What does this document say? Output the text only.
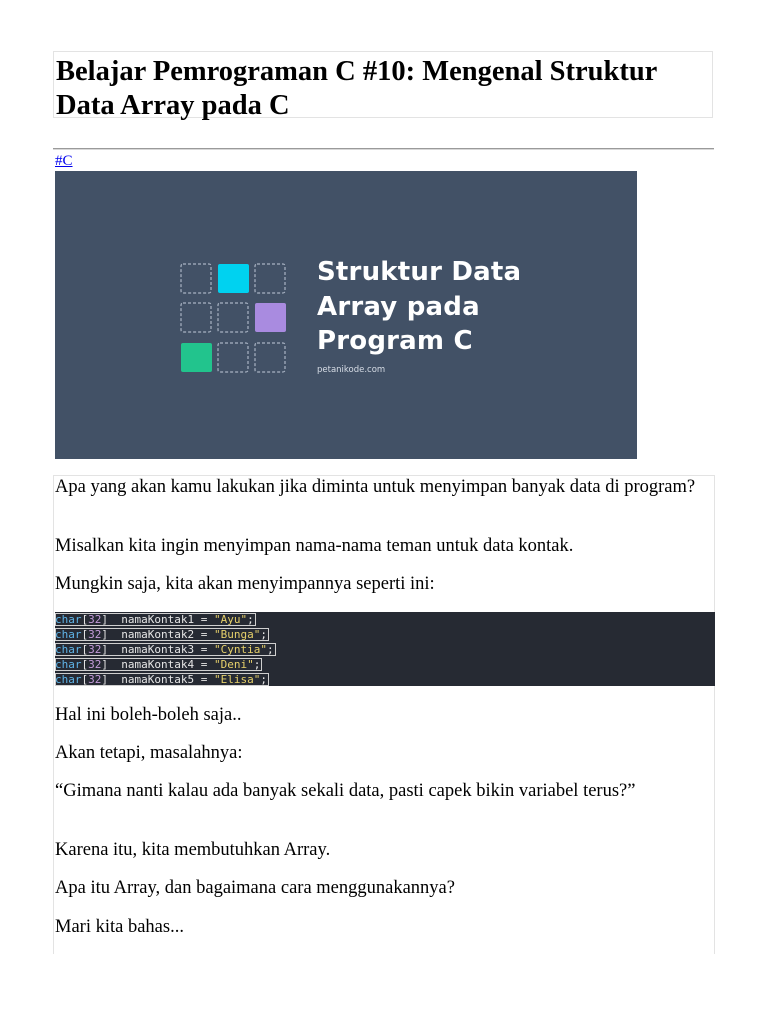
Belajar Pemrograman C #10: Mengenal Struktur Data Array pada C
#C
Struktur Data
Array pada
Program C
petanikode.com

Apa yang akan kamu lakukan jika diminta untuk menyimpan banyak data di program?

Misalkan kita ingin menyimpan nama-nama teman untuk data kontak.

Mungkin saja, kita akan menyimpannya seperti ini:

char[32] namaKontak1 = "Ayu";
char[32] namaKontak2 = "Bunga";
char[32] namaKontak3 = "Cyntia";
char[32] namaKontak4 = "Deni";
char[32] namaKontak5 = "Elisa";

Hal ini boleh-boleh saja..

Akan tetapi, masalahnya:

“Gimana nanti kalau ada banyak sekali data, pasti capek bikin variabel terus?”

Karena itu, kita membutuhkan Array.

Apa itu Array, dan bagaimana cara menggunakannya?

Mari kita bahas...
